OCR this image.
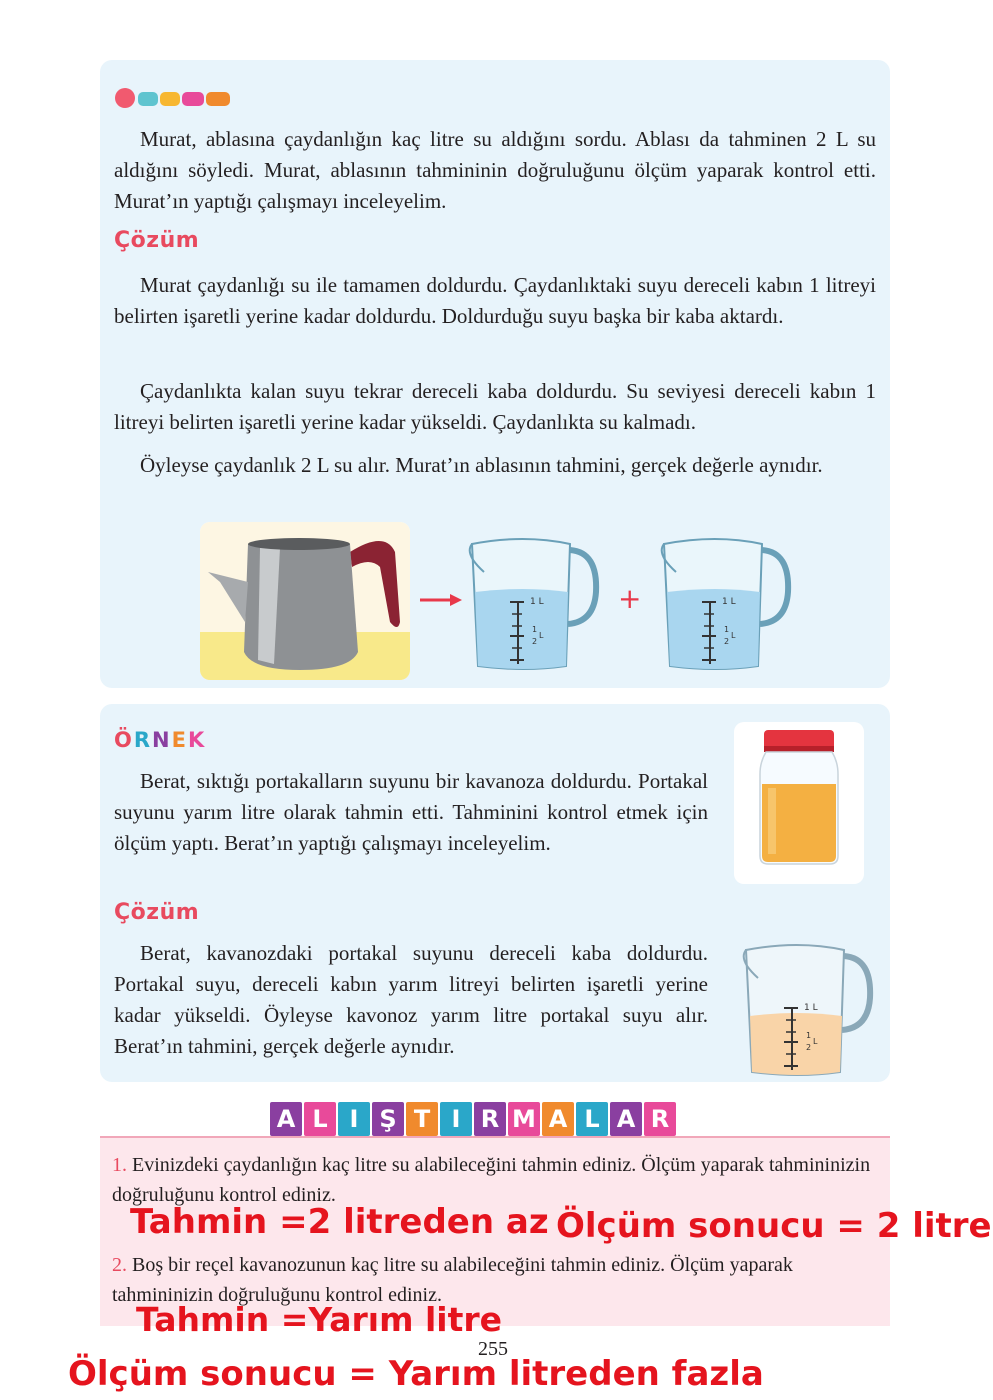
Murat, ablasına çaydanlığın kaç litre su aldığını sordu. Ablası da tahminen 2 L su aldığını söyledi. Murat, ablasının tahmininin doğruluğunu ölçüm yaparak kontrol etti. Murat’ın yaptığı çalışmayı inceleyelim.

Çözüm

Murat çaydanlığı su ile tamamen doldurdu. Çaydanlıktaki suyu dereceli kabın 1 litreyi belirten işaretli yerine kadar doldurdu. Doldurduğu suyu başka bir kaba aktardı.

Çaydanlıkta kalan suyu tekrar dereceli kaba doldurdu. Su seviyesi dereceli kabın 1 litreyi belirten işaretli yerine kadar yükseldi. Çaydanlıkta su kalmadı.

Öyleyse çaydanlık 2 L su alır. Murat’ın ablasının tahmini, gerçek değerle aynıdır.

1 L
1
2
L
+	1 L
1
2
L
ÖRNEK

Berat, sıktığı portakalların suyunu bir kavanoza doldurdu. Portakal suyunu yarım litre olarak tahmin etti. Tahminini kontrol etmek için ölçüm yaptı. Berat’ın yaptığı çalışmayı inceleyelim.

Çözüm

Berat, kavanozdaki portakal suyunu dereceli kaba doldurdu. Portakal suyu, dereceli kabın yarım litreyi belirten işaretli yerine kadar yükseldi. Öyleyse kavonoz yarım litre portakal suyu alır. Berat’ın tahmini, gerçek değerle aynıdır.

1 L
1
2
L
A L I Ş T I R M A L A R

1. Evinizdeki çaydanlığın kaç litre su alabileceğini tahmin ediniz. Ölçüm yaparak tahmininizin doğruluğunu kontrol ediniz.

2. Boş bir reçel kavanozunun kaç litre su alabileceğini tahmin ediniz. Ölçüm yaparak tahmininizin doğruluğunu kontrol ediniz.

Tahmin =2 litreden az Ölçüm sonucu = 2 litre
Tahmin =Yarım litre
255
Ölçüm sonucu = Yarım litreden fazla
